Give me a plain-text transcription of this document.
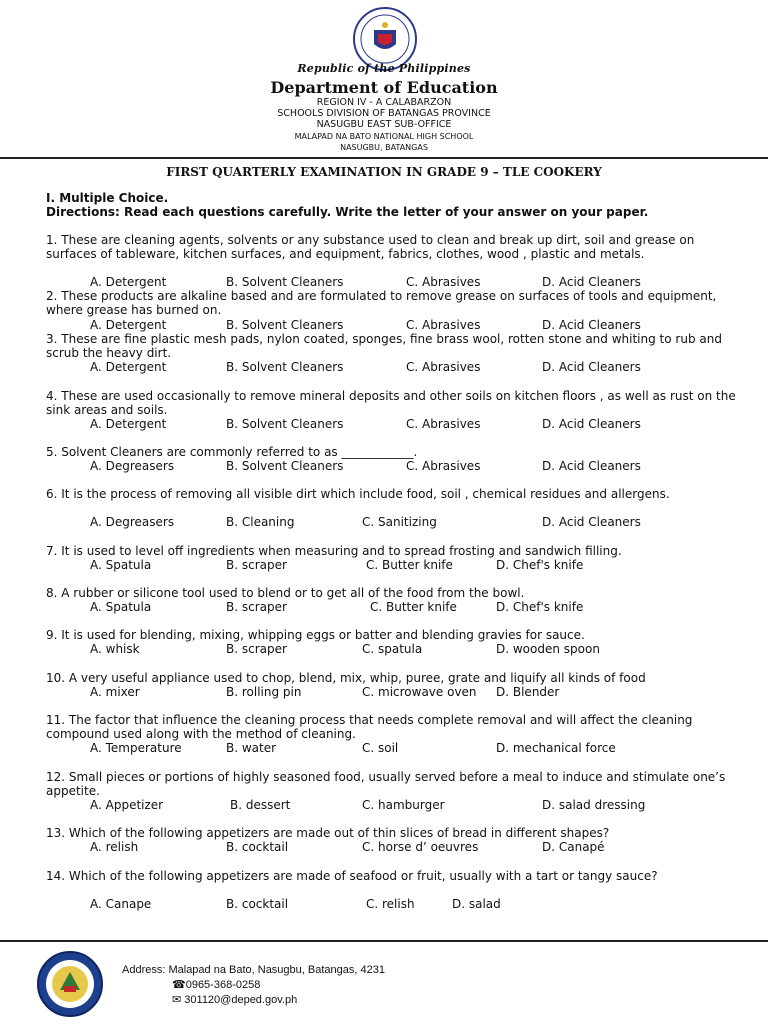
Republic of the Philippines
Department of Education
REGION IV - A CALABARZON
SCHOOLS DIVISION OF BATANGAS PROVINCE
NASUGBU EAST SUB-OFFICE
MALAPAD NA BATO NATIONAL HIGH SCHOOL
NASUGBU, BATANGAS
FIRST QUARTERLY EXAMINATION IN GRADE 9 – TLE COOKERY
I. Multiple Choice.
Directions: Read each questions carefully. Write the letter of your answer on your paper.
1. These are cleaning agents, solvents or any substance used to clean and break up dirt, soil and grease on surfaces of tableware, kitchen surfaces, and equipment, fabrics, clothes, wood , plastic and metals.
A. Detergent	B. Solvent Cleaners	C. Abrasives	D. Acid Cleaners
2. These products are alkaline based and are formulated to remove grease on surfaces of tools and equipment, where grease has burned on.
A. Detergent	B. Solvent Cleaners	C. Abrasives	D. Acid Cleaners
3. These are fine plastic mesh pads, nylon coated, sponges, fine brass wool, rotten stone and whiting to rub and scrub the heavy dirt.
A. Detergent	B. Solvent Cleaners	C. Abrasives	D. Acid Cleaners
4. These are used occasionally to remove mineral deposits and other soils on kitchen floors , as well as rust on the sink areas and soils.
A. Detergent	B. Solvent Cleaners	C. Abrasives	D. Acid Cleaners
5. Solvent Cleaners are commonly referred to as ____________.
A. Degreasers	B. Solvent Cleaners	C. Abrasives	D. Acid Cleaners
6. It is the process of removing all visible dirt which include food, soil , chemical residues and allergens.
A. Degreasers	B. Cleaning	C. Sanitizing	D. Acid Cleaners
7. It is used to level off ingredients when measuring and to spread frosting and sandwich filling.
A. Spatula	B. scraper	C. Butter knife	D. Chef's knife
8. A rubber or silicone tool used to blend or to get all of the food from the bowl.
A. Spatula	B. scraper	C. Butter knife	D. Chef's knife
9. It is used for blending, mixing, whipping eggs or batter and blending gravies for sauce.
A. whisk	B. scraper	C. spatula	D. wooden spoon
10. A very useful appliance used to chop, blend, mix, whip, puree, grate and liquify all kinds of food
A. mixer	B. rolling pin	C. microwave oven D. Blender
11. The factor that influence the cleaning process that needs complete removal and will affect the cleaning compound used along with the method of cleaning.
A. Temperature	B. water	C. soil	D. mechanical force
12. Small pieces or portions of highly seasoned food, usually served before a meal to induce and stimulate one’s appetite.
A. Appetizer	B. dessert	C. hamburger	D. salad dressing
13. Which of the following appetizers are made out of thin slices of bread in different shapes?
A. relish	B. cocktail	C. horse d’ oeuvres	D. Canapé
14. Which of the following appetizers are made of seafood or fruit, usually with a tart or tangy sauce?
A. Canape	B. cocktail	C. relish	D. salad
Address: Malapad na Bato, Nasugbu, Batangas, 4231
☎0965-368-0258
✉ 301120@deped.gov.ph
